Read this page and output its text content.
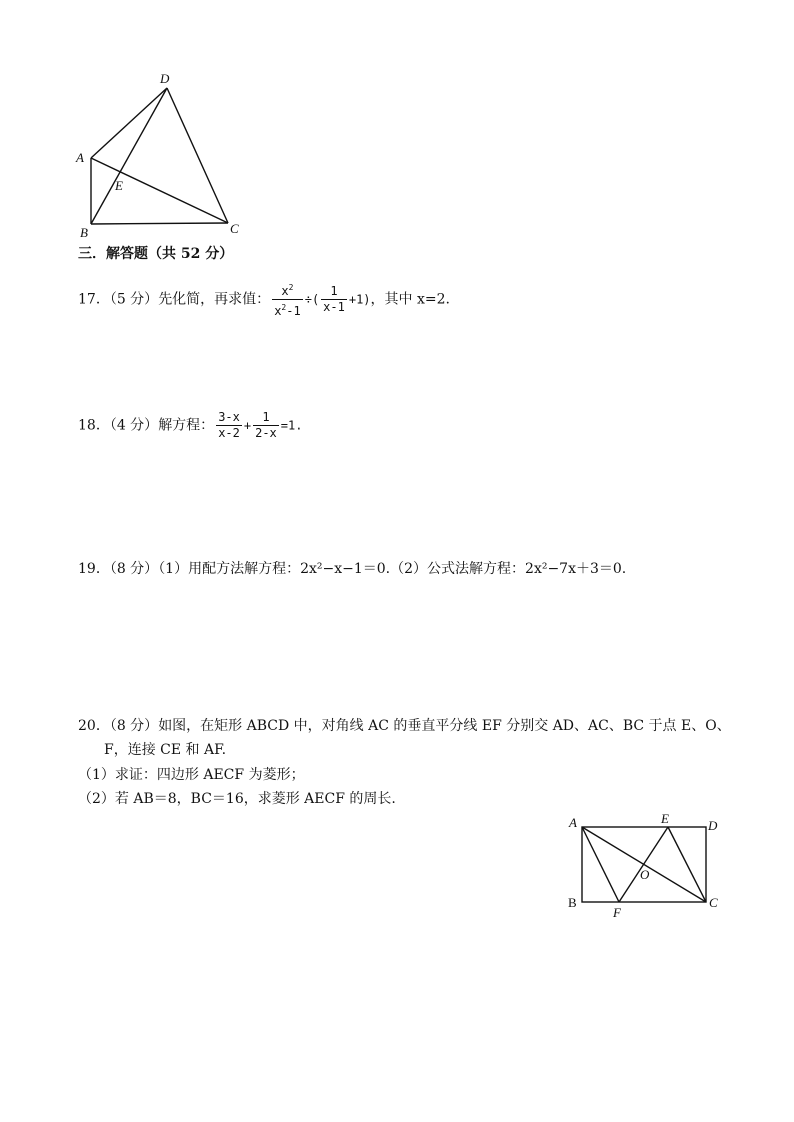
D
A
E
B	C
三．解答题（共 52 分）
17．（5 分）先化简，再求值： $\frac{x^2}{x^2-1}$ ÷( $\frac{1}{x-1} +1$)，其中 x=2.
18．（4 分）解方程： $\frac{3-x}{x-2} + \frac{1}{2-x} =1$.
19．（8 分）（1）用配方法解方程：2x²−x−1＝0.（2）公式法解方程：2x²−7x＋3＝0.
20．（8 分）如图，在矩形 ABCD 中，对角线 AC 的垂直平分线 EF 分别交 AD、AC、BC 于点 E、O、
F，连接 CE 和 AF.
（1）求证：四边形 AECF 为菱形；
（2）若 AB＝8，BC＝16，求菱形 AECF 的周长.
A	E	D
O
B
F
C
